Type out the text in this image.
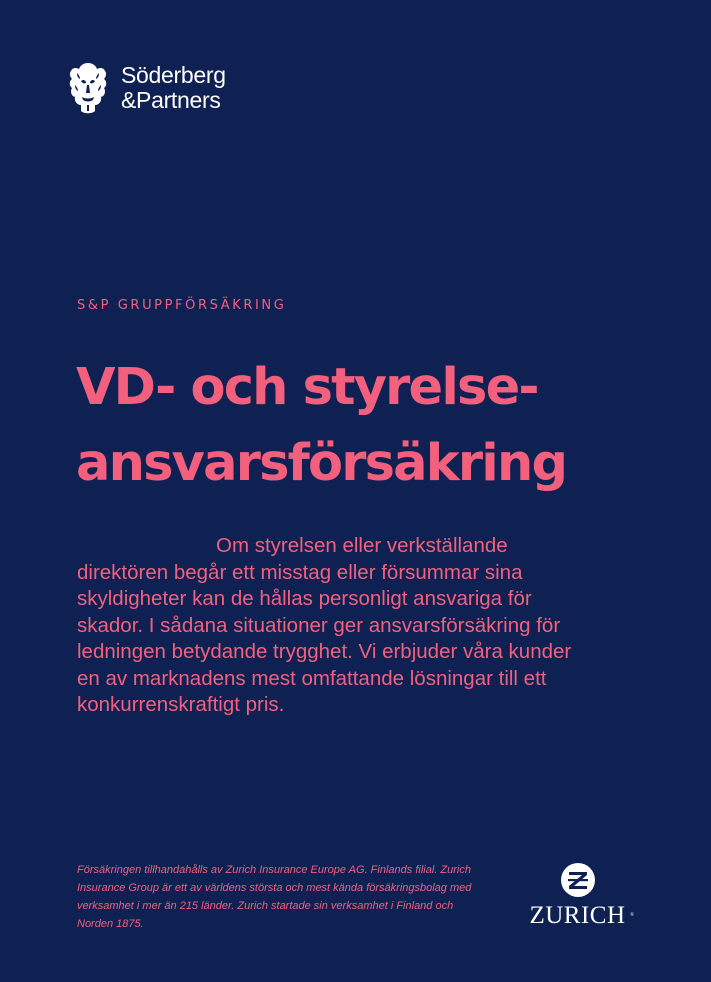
Söderberg
&Partners
S&P GRUPPFÖRSÄKRING
VD- och styrelse-
ansvarsförsäkring
Om styrelsen eller verkställande
direktören begår ett misstag eller försummar sina
skyldigheter kan de hållas personligt ansvariga för
skador. I sådana situationer ger ansvarsförsäkring för
ledningen betydande trygghet. Vi erbjuder våra kunder
en av marknadens mest omfattande lösningar till ett
konkurrenskraftigt pris.
Försäkringen tillhandahålls av Zurich Insurance Europe AG. Finlands filial. Zurich
Insurance Group är ett av världens största och mest kända försäkringsbolag med
verksamhet i mer än 215 länder. Zurich startade sin verksamhet i Finland och
Norden 1875.	ZURICH ®
